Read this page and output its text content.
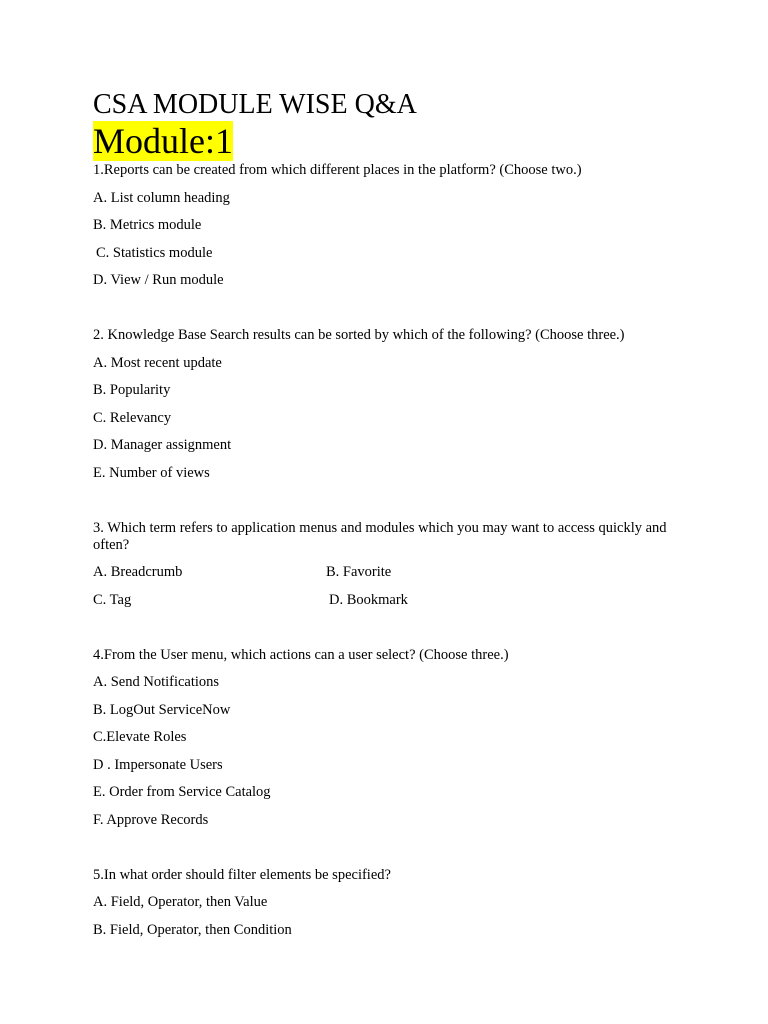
CSA MODULE WISE Q&A
Module:1

1.Reports can be created from which different places in the platform? (Choose two.)

A. List column heading

B. Metrics module

C. Statistics module

D. View / Run module

2. Knowledge Base Search results can be sorted by which of the following? (Choose three.)

A. Most recent update

B. Popularity

C. Relevancy

D. Manager assignment

E. Number of views

3. Which term refers to application menus and modules which you may want to access quickly and often?

A. Breadcrumb	B. Favorite
C. Tag	D. Bookmark

4.From the User menu, which actions can a user select? (Choose three.)

A. Send Notifications

B. LogOut ServiceNow

C.Elevate Roles

D . Impersonate Users

E. Order from Service Catalog

F. Approve Records

5.In what order should filter elements be specified?

A. Field, Operator, then Value

B. Field, Operator, then Condition
